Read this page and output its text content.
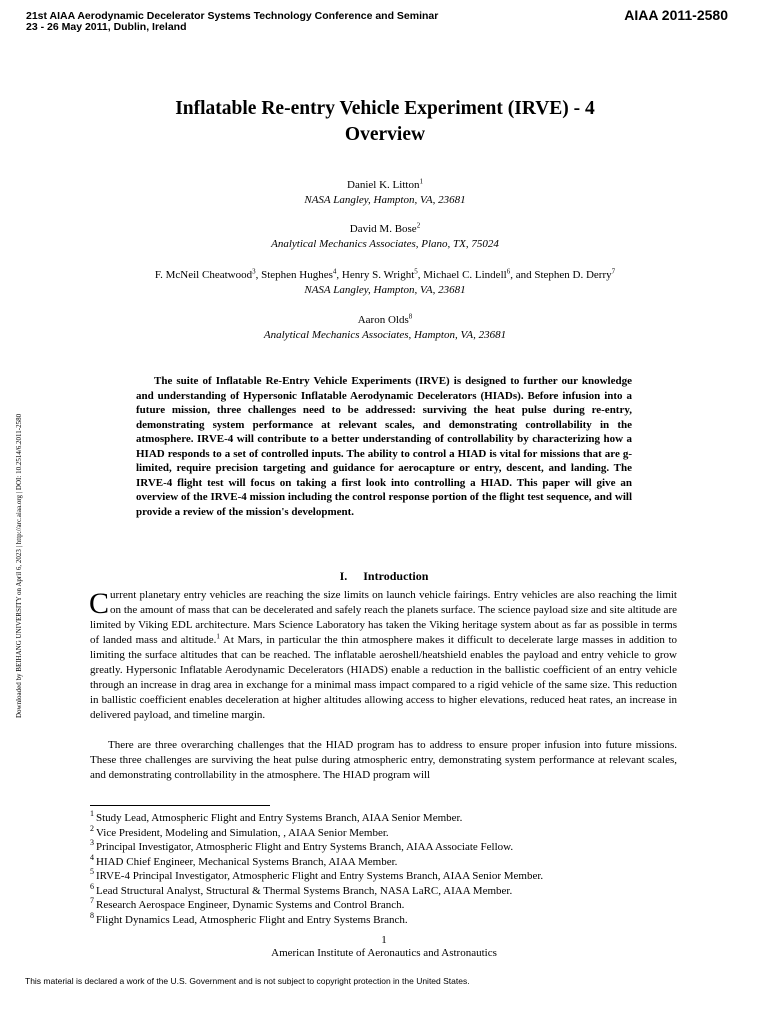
21st AIAA Aerodynamic Decelerator Systems Technology Conference and Seminar
23 - 26 May 2011, Dublin, Ireland
AIAA 2011-2580
Downloaded by BEIHANG UNIVERSITY on April 6, 2023 | http://arc.aiaa.org | DOI: 10.2514/6.2011-2580
Inflatable Re-entry Vehicle Experiment (IRVE) - 4
Overview
Daniel K. Litton$^1$
NASA Langley, Hampton, VA, 23681
David M. Bose$^2$
Analytical Mechanics Associates, Plano, TX, 75024
F. McNeil Cheatwood$^3$, Stephen Hughes$^4$, Henry S. Wright$^5$, Michael C. Lindell$^6$, and Stephen D. Derry$^7$
NASA Langley, Hampton, VA, 23681
Aaron Olds$^8$
Analytical Mechanics Associates, Hampton, VA, 23681
The suite of Inflatable Re-Entry Vehicle Experiments (IRVE) is designed to further our knowledge and understanding of Hypersonic Inflatable Aerodynamic Decelerators (HIADs). Before infusion into a future mission, three challenges need to be addressed: surviving the heat pulse during re-entry, demonstrating system performance at relevant scales, and demonstrating controllability in the atmosphere. IRVE-4 will contribute to a better understanding of controllability by characterizing how a HIAD responds to a set of controlled inputs. The ability to control a HIAD is vital for missions that are g-limited, require precision targeting and guidance for aerocapture or entry, descent, and landing. The IRVE-4 flight test will focus on taking a first look into controlling a HIAD. This paper will give an overview of the IRVE-4 mission including the control response portion of the flight test sequence, and will provide a review of the mission's development.
I. Introduction
Current planetary entry vehicles are reaching the size limits on launch vehicle fairings. Entry vehicles are also reaching the limit on the amount of mass that can be decelerated and safely reach the planets surface. The science payload size and site altitude are limited by Viking EDL architecture. Mars Science Laboratory has taken the Viking heritage system about as far as possible in terms of landed mass and altitude.$^1$ At Mars, in particular the thin atmosphere makes it difficult to decelerate large masses in addition to limiting the surface altitudes that can be reached. The inflatable aeroshell/heatshield enables the payload and entry vehicle to grow greatly. Hypersonic Inflatable Aerodynamic Decelerators (HIADS) enable a reduction in the ballistic coefficient of an entry vehicle through an increase in drag area in exchange for a minimal mass impact compared to a rigid vehicle of the same size. This reduction in ballistic coefficient enables deceleration at higher altitudes allowing access to higher elevations, reduced heat rates, an increase in delivered payload, and timeline margin.
There are three overarching challenges that the HIAD program has to address to ensure proper infusion into future missions. These three challenges are surviving the heat pulse during atmospheric entry, demonstrating system performance at relevant scales, and demonstrating controllability in the atmosphere. The HIAD program will
$^1$ Study Lead, Atmospheric Flight and Entry Systems Branch, AIAA Senior Member.
$^2$ Vice President, Modeling and Simulation, , AIAA Senior Member.
$^3$ Principal Investigator, Atmospheric Flight and Entry Systems Branch, AIAA Associate Fellow.
$^4$ HIAD Chief Engineer, Mechanical Systems Branch, AIAA Member.
$^5$ IRVE-4 Principal Investigator, Atmospheric Flight and Entry Systems Branch, AIAA Senior Member.
$^6$ Lead Structural Analyst, Structural & Thermal Systems Branch, NASA LaRC, AIAA Member.
$^7$ Research Aerospace Engineer, Dynamic Systems and Control Branch.
$^8$ Flight Dynamics Lead, Atmospheric Flight and Entry Systems Branch.
1
American Institute of Aeronautics and Astronautics
This material is declared a work of the U.S. Government and is not subject to copyright protection in the United States.
